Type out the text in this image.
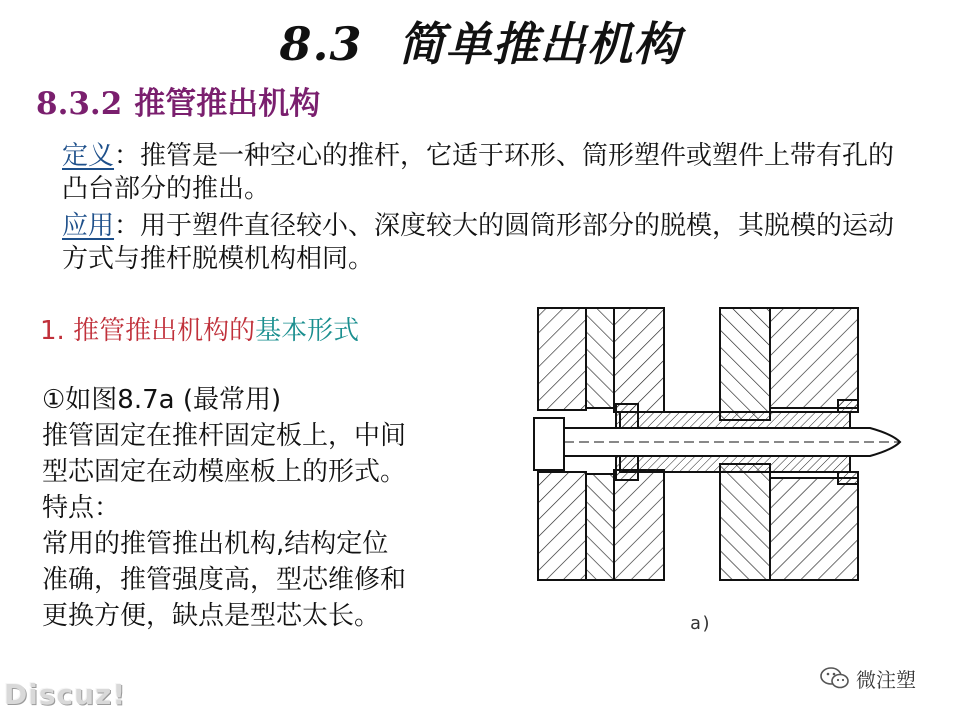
8.3 简单推出机构
8.3.2 推管推出机构
定义：推管是一种空心的推杆，它适于环形、筒形塑件或塑件上带有孔的凸台部分的推出。
应用：用于塑件直径较小、深度较大的圆筒形部分的脱模，其脱模的运动方式与推杆脱模机构相同。
1. 推管推出机构的基本形式
①如图8.7a (最常用)
推管固定在推杆固定板上，中间
型芯固定在动模座板上的形式。
特点：
常用的推管推出机构,结构定位
准确，推管强度高，型芯维修和
更换方便，缺点是型芯太长。	a)
Discuz!	微注塑
